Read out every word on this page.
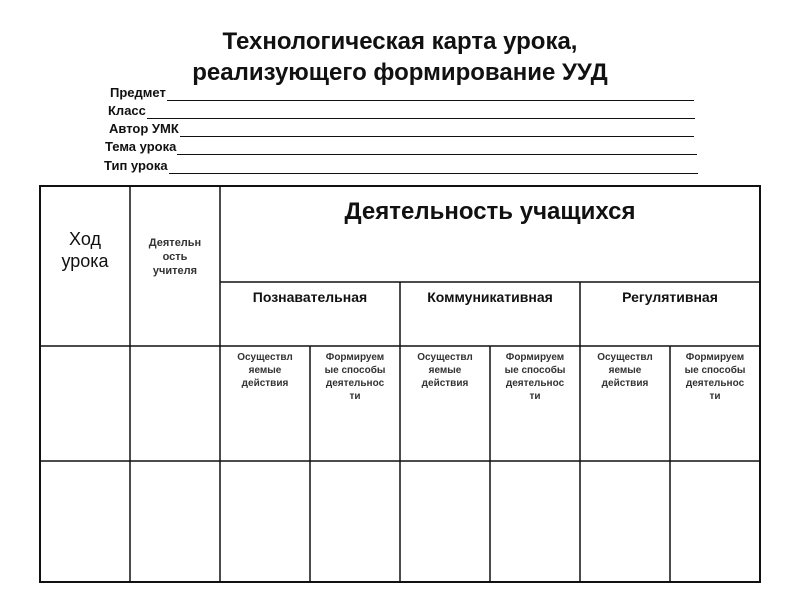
Технологическая карта урока,
реализующего формирование УУД
Предмет
Класс
Автор УМК
Тема урока
Тип урока
Ход
урока
Деятельн
ость
учителя
Деятельность учащихся
Познавательная	Коммуникативная	Регулятивная
Осуществл
яемые
действия
Формируем
ые способы
деятельнос
ти
Осуществл
яемые
действия
Формируем
ые способы
деятельнос
ти
Осуществл
яемые
действия
Формируем
ые способы
деятельнос
ти
